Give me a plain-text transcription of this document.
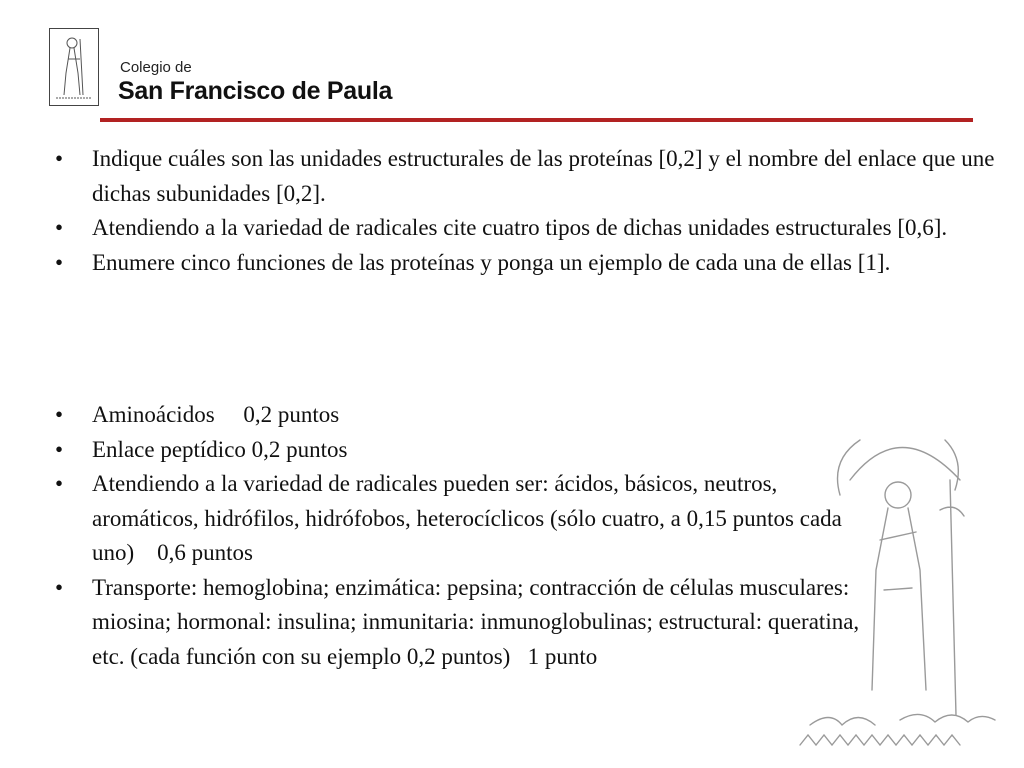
Colegio de
San Francisco de Paula
•	Indique cuáles son las unidades estructurales de las proteínas [0,2] y el nombre del enlace que une dichas subunidades [0,2].
•	Atendiendo a la variedad de radicales cite cuatro tipos de dichas unidades estructurales [0,6].
•	Enumere cinco funciones de las proteínas y ponga un ejemplo de cada una de ellas [1].
•	Aminoácidos     0,2 puntos
•	Enlace peptídico 0,2 puntos
•	Atendiendo a la variedad de radicales pueden ser: ácidos, básicos, neutros, aromáticos, hidrófilos, hidrófobos, heterocíclicos (sólo cuatro, a 0,15 puntos cada uno)    0,6 puntos
•	Transporte: hemoglobina; enzimática: pepsina; contracción de células musculares: miosina; hormonal: insulina; inmunitaria: inmunoglobulinas; estructural: queratina, etc. (cada función con su ejemplo 0,2 puntos)   1 punto
